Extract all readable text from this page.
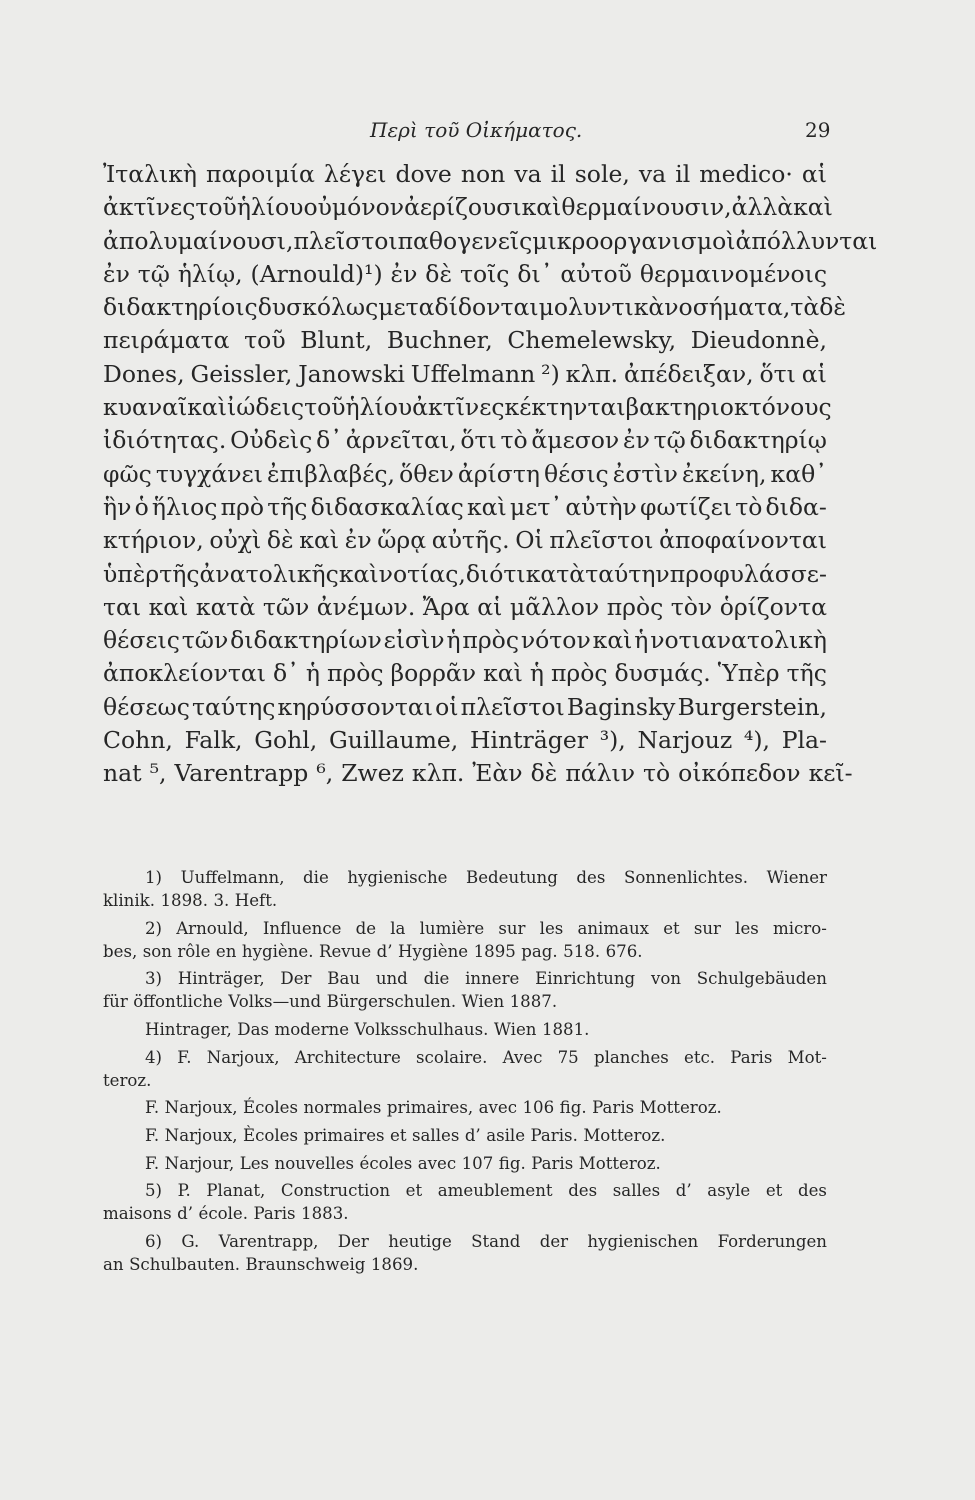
Περὶ τοῦ Οἰκήματος.	29
Ἰταλικὴ παροιμία λέγει dove non va il sole, va il medico· αἱ
ἀκτῖνες τοῦ ἡλίου οὐ μόνον ἀερίζουσι καὶ θερμαίνουσιν, ἀλλὰ καὶ
ἀπολυμαίνουσι, πλεῖστοι παθογενεῖς μικροοργανισμοὶ ἀπόλλυνται
ἐν τῷ ἡλίῳ, (Arnould)¹) ἐν δὲ τοῖς δι᾽ αὐτοῦ θερμαινομένοις
διδακτηρίοις δυσκόλως μεταδίδονται μολυντικὰ νοσήματα, τὰ δὲ
πειράματα τοῦ Blunt, Buchner, Chemelewsky, Dieudonnè,
Dones, Geissler, Janowski Uffelmann ²) κλπ. ἀπέδειξαν, ὅτι αἱ
κυαναῖ καὶ ἰώδεις τοῦ ἡλίου ἀκτῖνες κέκτηνται βακτηριοκτόνους
ἰδιότητας. Οὐδεὶς δ᾽ ἀρνεῖται, ὅτι τὸ ἄμεσον ἐν τῷ διδακτηρίῳ
φῶς τυγχάνει ἐπιβλαβές, ὅθεν ἀρίστη θέσις ἐστὶν ἐκείνη, καθ᾽
ἣν ὁ ἥλιος πρὸ τῆς διδασκαλίας καὶ μετ᾽ αὐτὴν φωτίζει τὸ διδα-
κτήριον, οὐχὶ δὲ καὶ ἐν ὥρᾳ αὐτῆς. Οἱ πλεῖστοι ἀποφαίνονται
ὑπὲρ τῆς ἀνατολικῆς καὶ νοτίας, διότι κατὰ ταύτην προφυλάσσε-
ται καὶ κατὰ τῶν ἀνέμων. Ἄρα αἱ μᾶλλον πρὸς τὸν ὁρίζοντα
θέσεις τῶν διδακτηρίων εἰσὶν ἡ πρὸς νότον καὶ ἡ νοτιανατολικὴ
ἀποκλείονται δ᾽ ἡ πρὸς βορρᾶν καὶ ἡ πρὸς δυσμάς. Ὑπὲρ τῆς
θέσεως ταύτης κηρύσσονται οἱ πλεῖστοι Baginsky Burgerstein,
Cohn, Falk, Gohl, Guillaume, Hinträger ³), Narjouz ⁴), Pla-
nat ⁵, Varentrapp ⁶, Zwez κλπ. Ἐὰν δὲ πάλιν τὸ οἰκόπεδον κεῖ-
1) Uuffelmann, die hygienische Bedeutung des Sonnenlichtes. Wiener
klinik. 1898. 3. Heft.
2) Arnould, Influence de la lumière sur les animaux et sur les micro-
bes, son rôle en hygiène. Revue d’ Hygiène 1895 pag. 518. 676.
3) Hinträger, Der Bau und die innere Einrichtung von Schulgebäuden
für öffontliche Volks—und Bürgerschulen. Wien 1887.
Hintrager, Das moderne Volksschulhaus. Wien 1881.
4) F. Narjoux, Architecture scolaire. Avec 75 planches etc. Paris Mot-
teroz.
F. Narjoux, Écoles normales primaires, avec 106 fig. Paris Motteroz.
F. Narjoux, Ècoles primaires et salles d’ asile Paris. Motteroz.
F. Narjour, Les nouvelles écoles avec 107 fig. Paris Motteroz.
5) P. Planat, Construction et ameublement des salles d’ asyle et des
maisons d’ école. Paris 1883.
6) G. Varentrapp, Der heutige Stand der hygienischen Forderungen
an Schulbauten. Braunschweig 1869.
